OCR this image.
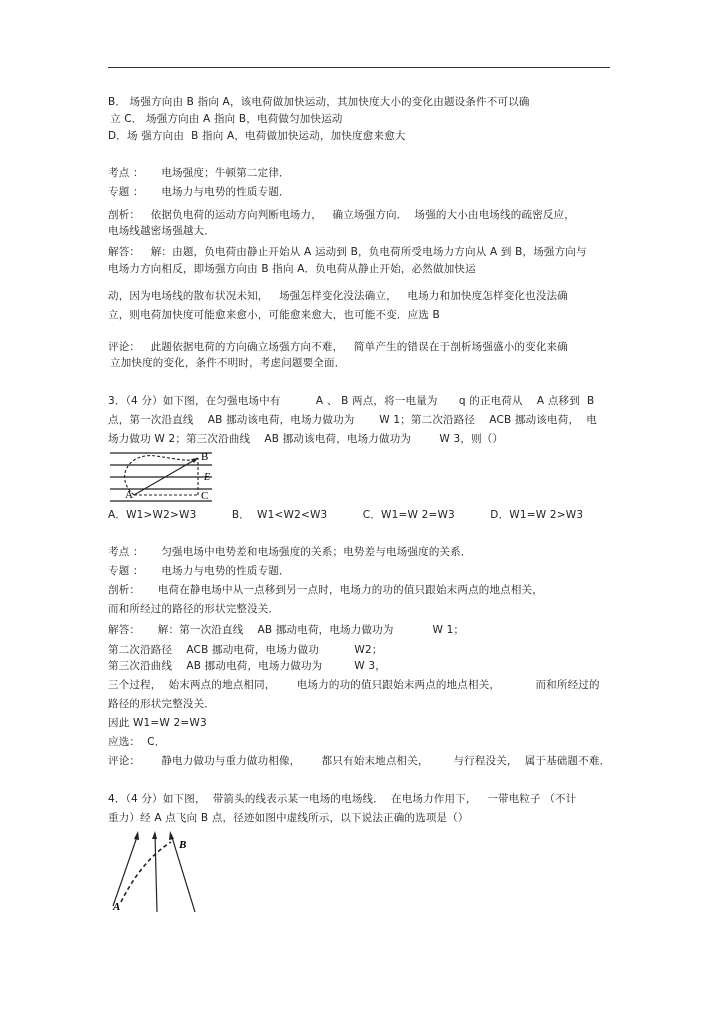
B． 场强方向由 B 指向 A，该电荷做加快运动，其加快度大小的变化由题设条件不可以确
立 C． 场强方向由 A 指向 B，电荷做匀加快运动
D．场 强方向由  B 指向 A，电荷做加快运动，加快度愈来愈大
考点 ：     电场强度；牛顿第二定律．
专题 ：     电场力与电势的性质专题．
剖析：   依据负电荷的运动方向判断电场力，   确立场强方向．  场强的大小由电场线的疏密反应，
电场线越密场强越大．
解答：   解：由题，负电荷由静止开始从 A 运动到 B，负电荷所受电场力方向从 A 到 B，场强方向与
电场力方向相反，即场强方向由 B 指向 A．负电荷从静止开始，必然做加快运
动，因为电场线的散布状况未知，   场强怎样变化没法确立，   电场力和加快度怎样变化也没法确
立，则电荷加快度可能愈来愈小，可能愈来愈大，也可能不变．应选 B
评论：   此题依据电荷的方向确立场强方向不难，   简单产生的错误在于剖析场强盛小的变化来确
立加快度的变化，条件不明时，考虑问题要全面．
3．（4 分）如下图，在匀强电场中有          A 、 B 两点，将一电量为      q 的正电荷从    A 点移到  B
点，第一次沿直线    AB 挪动该电荷，电场力做功为       W 1；第二次沿路径    ACB 挪动该电荷，  电
场力做功 W 2；第三次沿曲线    AB 挪动该电荷，电场力做功为        W 3，则（）
A
B
C
E
A．W1>W2>W3          B．  W1<W2<W3          C．W1=W 2=W3          D．W1=W 2>W3
考点 ：     匀强电场中电势差和电场强度的关系；电势差与电场强度的关系．
专题 ：     电场力与电势的性质专题．
剖析：     电荷在静电场中从一点移到另一点时，电场力的功的值只跟始末两点的地点相关，
而和所经过的路径的形状完整没关．
解答：     解：第一次沿直线    AB 挪动电荷，电场力做功为           W 1；
第二次沿路径    ACB 挪动电荷，电场力做功          W2；
第三次沿曲线    AB 挪动电荷，电场力做功为         W 3，
三个过程，  始末两点的地点相同，      电场力的功的值只跟始末两点的地点相关，          而和所经过的
路径的形状完整没关．
因此 W1=W 2=W3
应选：  C．
评论：      静电力做功与重力做功相像，      都只有始末地点相关，       与行程没关，  属于基础题不难．
4．（4 分）如下图，  带箭头的线表示某一电场的电场线．  在电场力作用下，   一带电粒子 （不计
重力）经 A 点飞向 B 点，径迹如图中虚线所示，以下说法正确的选项是（）
A
B
